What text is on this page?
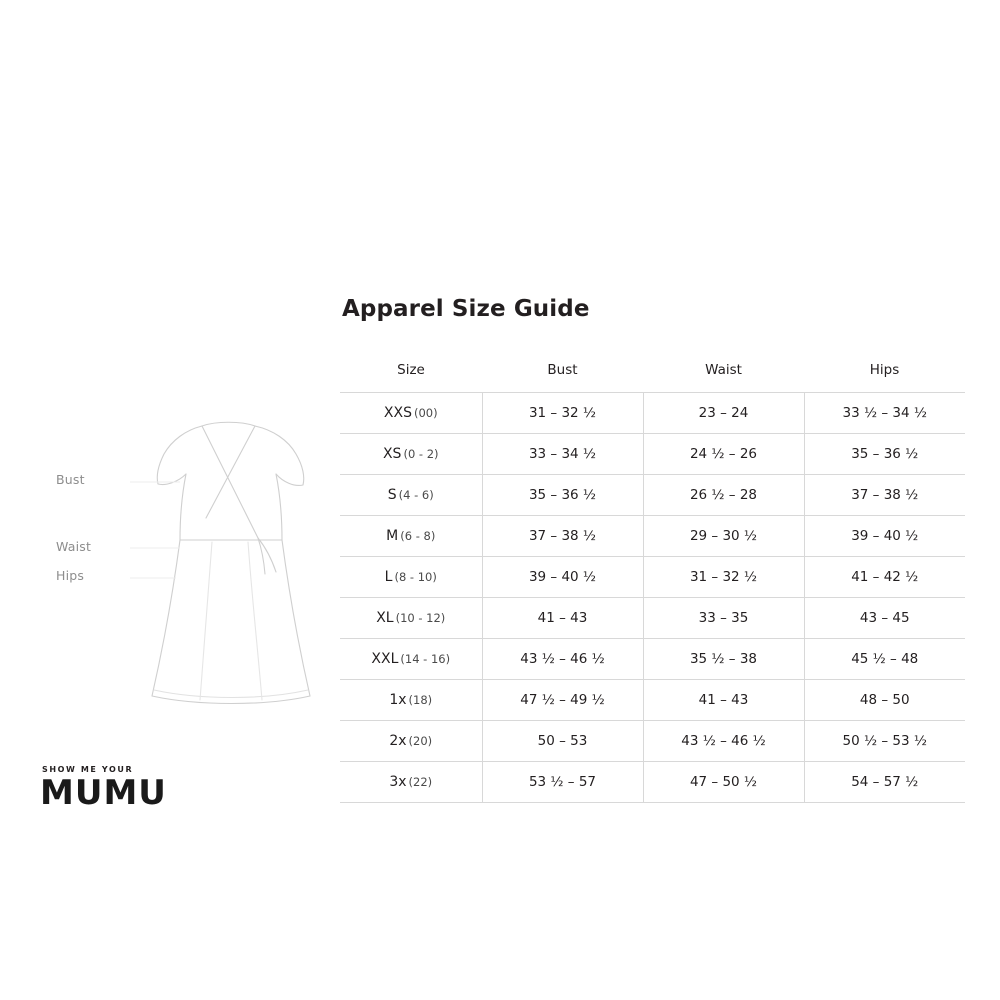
Bust
Waist
Hips
SHOW ME YOUR
MUMU
Apparel Size Guide
Size	Bust	Waist	Hips
XXS (00)	31 – 32 ½	23 – 24	33 ½ – 34 ½
XS (0 - 2)	33 – 34 ½	24 ½ – 26	35 – 36 ½
S (4 - 6)	35 – 36 ½	26 ½ – 28	37 – 38 ½
M (6 - 8)	37 – 38 ½	29 – 30 ½	39 – 40 ½
L (8 - 10)	39 – 40 ½	31 – 32 ½	41 – 42 ½
XL (10 - 12)	41 – 43	33 – 35	43 – 45
XXL (14 - 16)	43 ½ – 46 ½	35 ½ – 38	45 ½ – 48
1x (18)	47 ½ – 49 ½	41 – 43	48 – 50
2x (20)	50 – 53	43 ½ – 46 ½	50 ½ – 53 ½
3x (22)	53 ½ – 57	47 – 50 ½	54 – 57 ½
